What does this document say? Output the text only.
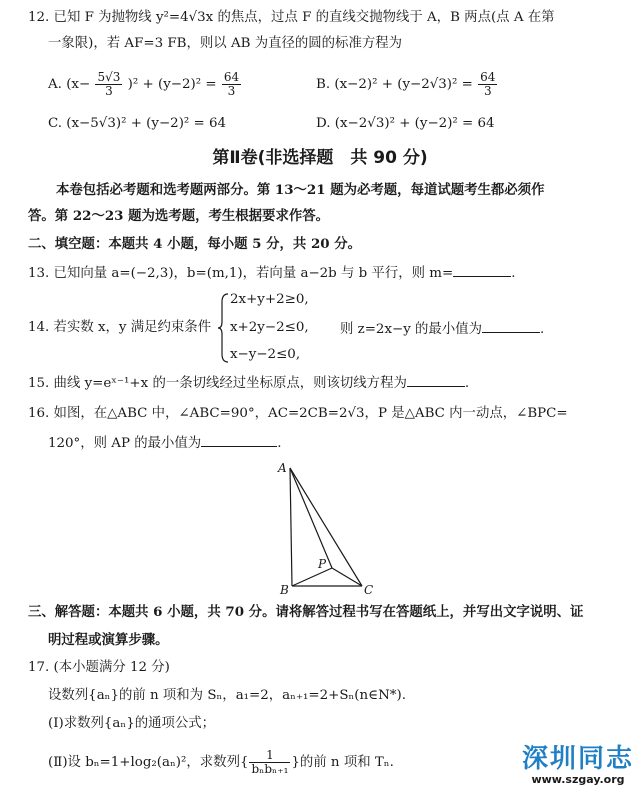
12. 已知 F 为抛物线 y²=4√3x 的焦点，过点 F 的直线交抛物线于 A，B 两点(点 A 在第
一象限)，若 AF=3 FB，则以 AB 为直径的圆的标准方程为
A. $(x- \frac{5√3}{3} )^2 + (y-2)^2 = \frac{64}{3}$	B. $(x-2)^2 + (y-2√3)^2 = \frac{64}{3}$
C. (x−5√3)² + (y−2)² = 64	D. (x−2√3)² + (y−2)² = 64
第Ⅱ卷(非选择题　共 90 分)
本卷包括必考题和选考题两部分。第 13～21 题为必考题，每道试题考生都必须作
答。第 22～23 题为选考题，考生根据要求作答。
二、填空题：本题共 4 小题，每小题 5 分，共 20 分。
13. 已知向量 a=(−2,3)，b=(m,1)，若向量 a−2b 与 b 平行，则 m=	.
14. 若实数 x，y 满足约束条件
2x+y+2≥0,
x+2y−2≤0,
x−y−2≤0,
则 z=2x−y 的最小值为	.
15. 曲线 y=eˣ⁻¹+x 的一条切线经过坐标原点，则该切线方程为	.
16. 如图，在△ABC 中，∠ABC=90°，AC=2CB=2√3，P 是△ABC 内一动点，∠BPC=
120°，则 AP 的最小值为	.
A
B	C
P
三、解答题：本题共 6 小题，共 70 分。请将解答过程书写在答题纸上，并写出文字说明、证
明过程或演算步骤。
17. (本小题满分 12 分)
设数列{aₙ}的前 n 项和为 Sₙ，a₁=2，aₙ₊₁=2+Sₙ(n∈N*).
(Ⅰ)求数列{aₙ}的通项公式；
(Ⅱ)设 bₙ=1+log₂(aₙ)²，求数列{ $\frac{1}{\text{bₙbₙ₊₁}}$ }的前 n 项和 Tₙ.	深圳同志
www.szgay.org
